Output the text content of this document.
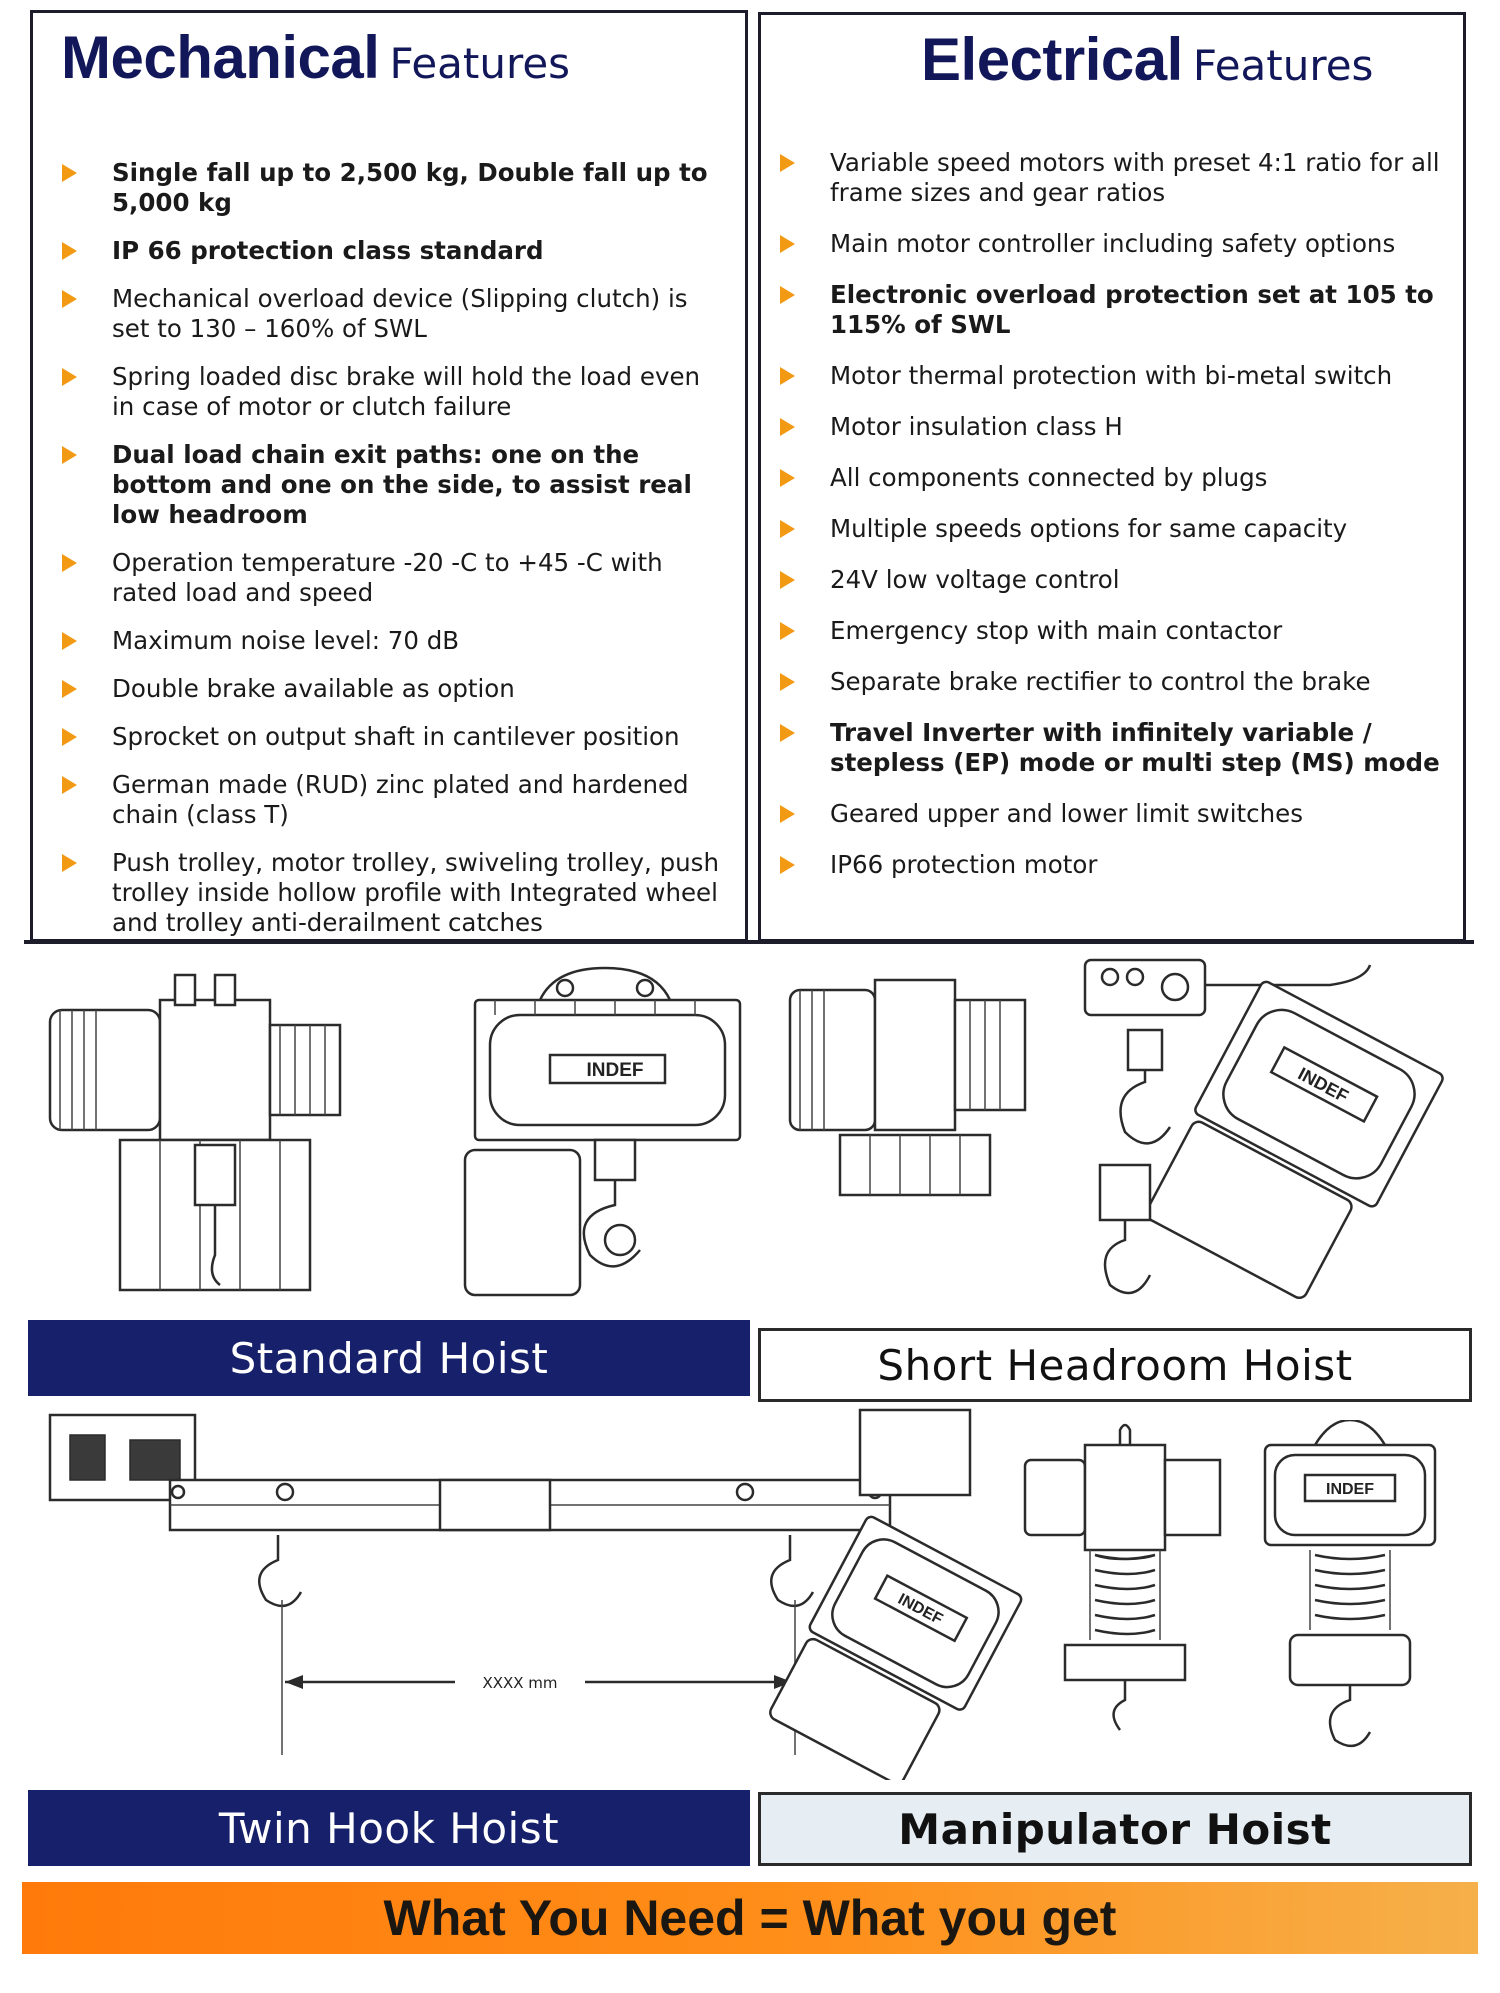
Mechanical Features
Single fall up to 2,500 kg, Double fall up to 5,000 kg
IP 66 protection class standard
Mechanical overload device (Slipping clutch) is set to 130 – 160% of SWL
Spring loaded disc brake will hold the load even in case of motor or clutch failure
Dual load chain exit paths: one on the bottom and one on the side, to assist real low headroom
Operation temperature -20 -C to +45 -C with rated load and speed
Maximum noise level: 70 dB
Double brake available as option
Sprocket on output shaft in cantilever position
German made (RUD) zinc plated and hardened chain (class T)
Push trolley, motor trolley, swiveling trolley, push trolley inside hollow profile with Integrated wheel and trolley anti-derailment catches
Electrical Features
Variable speed motors with preset 4:1 ratio for all frame sizes and gear ratios
Main motor controller including safety options
Electronic overload protection set at 105 to 115% of SWL
Motor thermal protection with bi-metal switch
Motor insulation class H
All components connected by plugs
Multiple speeds options for same capacity
24V low voltage control
Emergency stop with main contactor
Separate brake rectifier to control the brake
Travel Inverter with infinitely variable / stepless (EP) mode or multi step (MS) mode
Geared upper and lower limit switches
IP66 protection motor
INDEF	INDEF
Standard Hoist	Short Headroom Hoist
XXXX mm
INDEF
INDEF
Twin Hook Hoist	Manipulator Hoist
What You Need = What you get
